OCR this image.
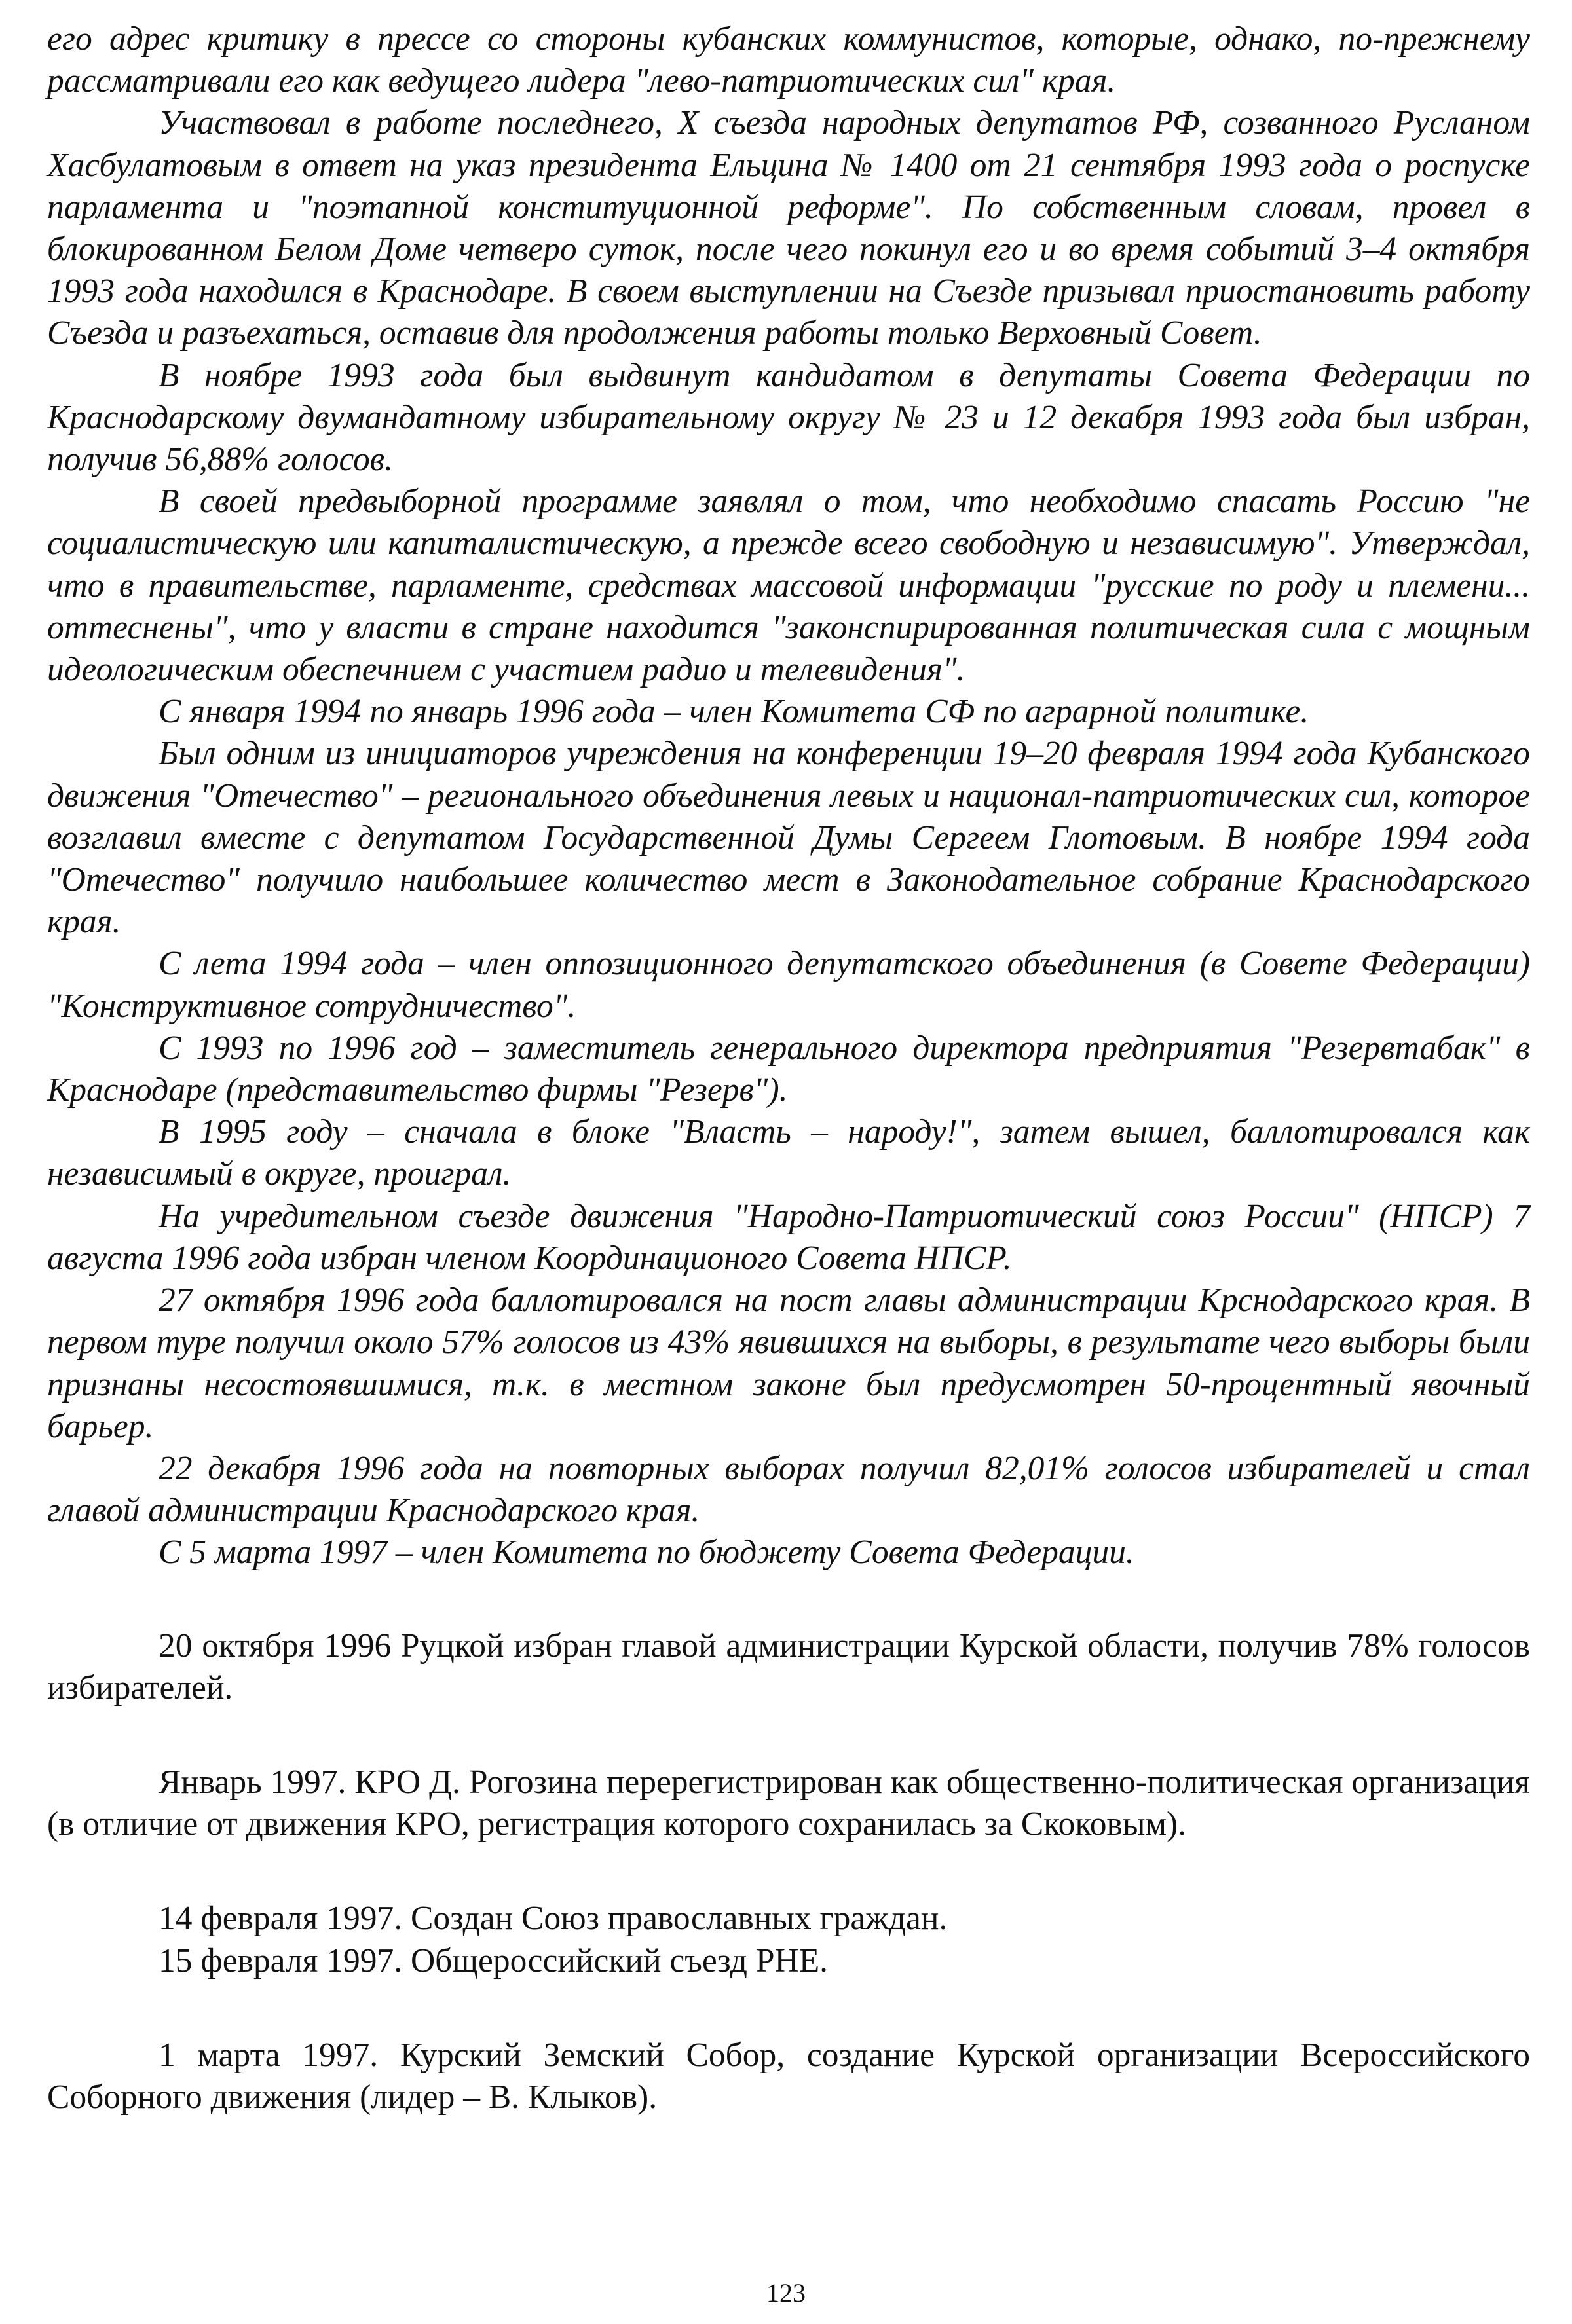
его адрес критику в прессе со стороны кубанских коммунистов, которые, однако, по-прежнему рассматривали его как ведущего лидера "лево-патриотических сил" края.

Участвовал в работе последнего, X съезда народных депутатов РФ, созванного Русланом Хасбулатовым в ответ на указ президента Ельцина № 1400 от 21 сентября 1993 года о роспуске парламента и "поэтапной конституционной реформе". По собственным словам, провел в блокированном Белом Доме четверо суток, после чего покинул его и во время событий 3–4 октября 1993 года находился в Краснодаре. В своем выступлении на Съезде призывал приостановить работу Съезда и разъехаться, оставив для продолжения работы только Верховный Совет.

В ноябре 1993 года был выдвинут кандидатом в депутаты Совета Федерации по Краснодарскому двумандатному избирательному округу № 23 и 12 декабря 1993 года был избран, получив 56,88% голосов.

В своей предвыборной программе заявлял о том, что необходимо спасать Россию "не социалистическую или капиталистическую, а прежде всего свободную и независимую". Утверждал, что в правительстве, парламенте, средствах массовой информации "русские по роду и племени... оттеснены", что у власти в стране находится "законспирированная политическая сила с мощным идеологическим обеспечнием с участием радио и телевидения".

С января 1994 по январь 1996 года – член Комитета СФ по аграрной политике.

Был одним из инициаторов учреждения на конференции 19–20 февраля 1994 года Кубанского движения "Отечество" – регионального объединения левых и национал-патриотических сил, которое возглавил вместе с депутатом Государственной Думы Сергеем Глотовым. В ноябре 1994 года "Отечество" получило наибольшее количество мест в Законодательное собрание Краснодарского края.

С лета 1994 года – член оппозиционного депутатского объединения (в Совете Федерации) "Конструктивное сотрудничество".

С 1993 по 1996 год – заместитель генерального директора предприятия "Резервтабак" в Краснодаре (представительство фирмы "Резерв").

В 1995 году – сначала в блоке "Власть – народу!", затем вышел, баллотировался как независимый в округе, проиграл.

На учредительном съезде движения "Народно-Патриотический союз России" (НПСР) 7 августа 1996 года избран членом Координационого Совета НПСР.

27 октября 1996 года баллотировался на пост главы администрации Крснодарского края. В первом туре получил около 57% голосов из 43% явившихся на выборы, в результате чего выборы были признаны несостоявшимися, т.к. в местном законе был предусмотрен 50-процентный явочный барьер.

22 декабря 1996 года на повторных выборах получил 82,01% голосов избирателей и стал главой администрации Краснодарского края.

С 5 марта 1997 – член Комитета по бюджету Совета Федерации.

20 октября 1996 Руцкой избран главой администрации Курской области, получив 78% голосов избирателей.

Январь 1997. КРО Д. Рогозина перерегистрирован как общественно-политическая организация (в отличие от движения КРО, регистрация которого сохранилась за Скоковым).

14 февраля 1997. Создан Союз православных граждан.

15 февраля 1997. Общероссийский съезд РНЕ.

1 марта 1997. Курский Земский Собор, создание Курской организации Всероссийского Соборного движения (лидер – В. Клыков).

123
